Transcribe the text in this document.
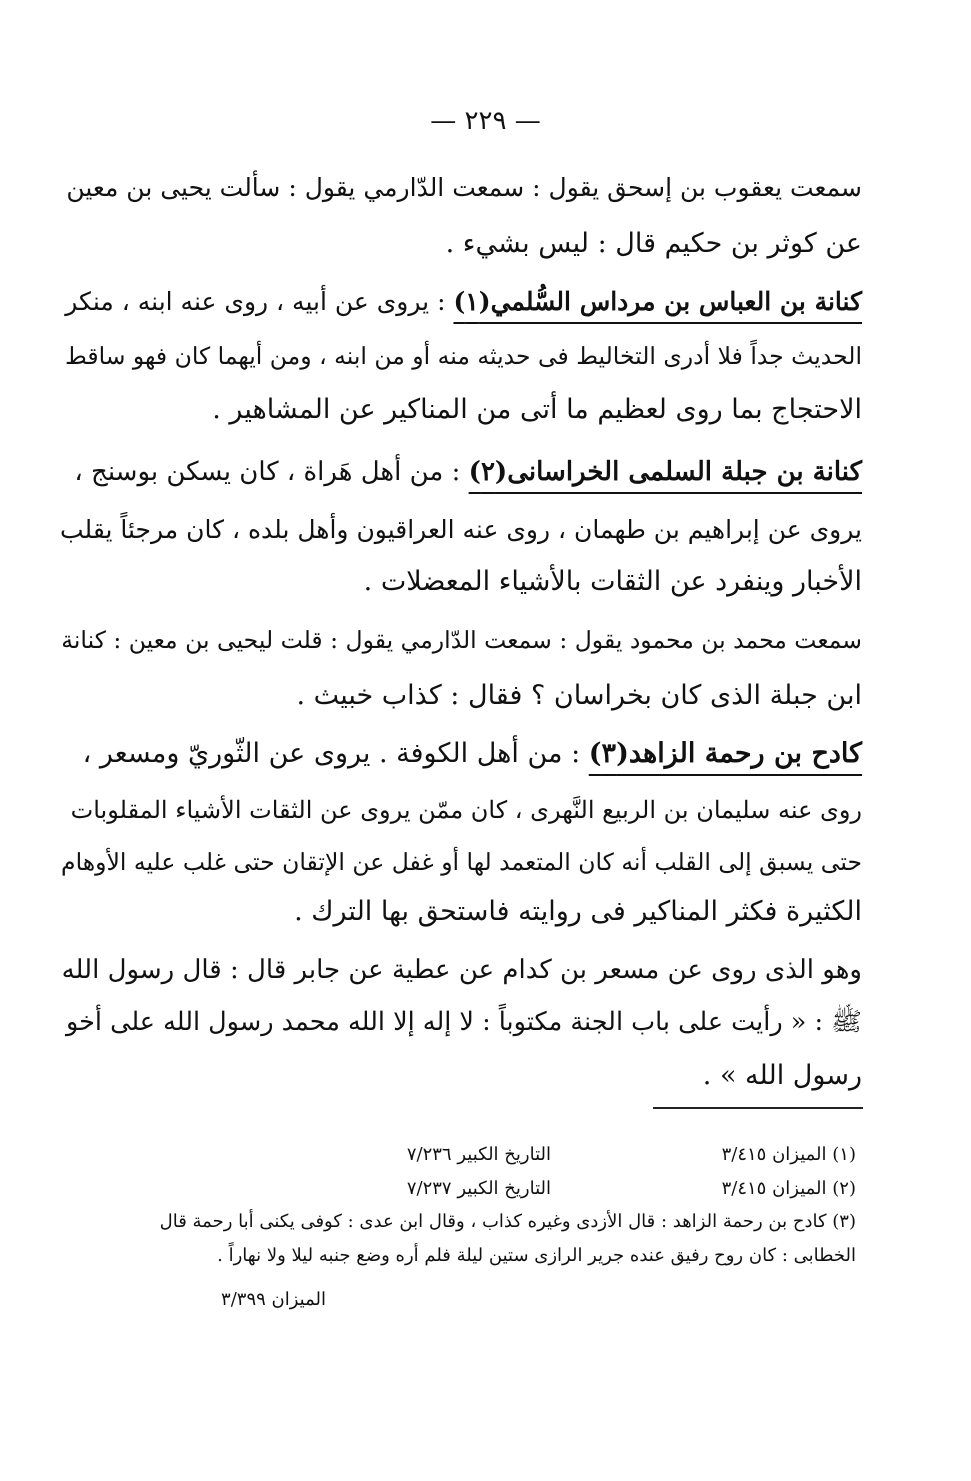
— ٢٢٩ —
سمعت يعقوب بن إسحق يقول : سمعت الدّارمي يقول : سألت يحيى بن معين
عن كوثر بن حكيم قال : ليس بشيء .
كنانة بن العباس بن مرداس السُّلمي(١) : يروى عن أبيه ، روى عنه ابنه ، منكر
الحديث جداً فلا أدرى التخاليط فى حديثه منه أو من ابنه ، ومن أيهما كان فهو ساقط
الاحتجاج بما روى لعظيم ما أتى من المناكير عن المشاهير .
كنانة بن جبلة السلمى الخراسانى(٢) : من أهل هَراة ، كان يسكن بوسنج ،
يروى عن إبراهيم بن طهمان ، روى عنه العراقيون وأهل بلده ، كان مرجئاً يقلب
الأخبار وينفرد عن الثقات بالأشياء المعضلات .
سمعت محمد بن محمود يقول : سمعت الدّارمي يقول : قلت ليحيى بن معين : كنانة
ابن جبلة الذى كان بخراسان ؟ فقال : كذاب خبيث .
كادح بن رحمة الزاهد(٣) : من أهل الكوفة . يروى عن الثّوريّ ومسعر ،
روى عنه سليمان بن الربيع النَّهرى ، كان ممّن يروى عن الثقات الأشياء المقلوبات
حتى يسبق إلى القلب أنه كان المتعمد لها أو غفل عن الإتقان حتى غلب عليه الأوهام
الكثيرة فكثر المناكير فى روايته فاستحق بها الترك .
وهو الذى روى عن مسعر بن كدام عن عطية عن جابر قال : قال رسول الله
ﷺ : « رأيت على باب الجنة مكتوباً : لا إله إلا الله محمد رسول الله على أخو
رسول الله » .
(١) الميزان ٣/٤١٥
التاريخ الكبير ٧/٢٣٦
(٢) الميزان ٣/٤١٥
التاريخ الكبير ٧/٢٣٧
(٣) كادح بن رحمة الزاهد : قال الأزدى وغيره كذاب ، وقال ابن عدى : كوفى يكنى أبا رحمة قال
الخطابى : كان روح رفيق عنده جرير الرازى ستين ليلة فلم أره وضع جنبه ليلا ولا نهاراً .
الميزان ٣/٣٩٩
